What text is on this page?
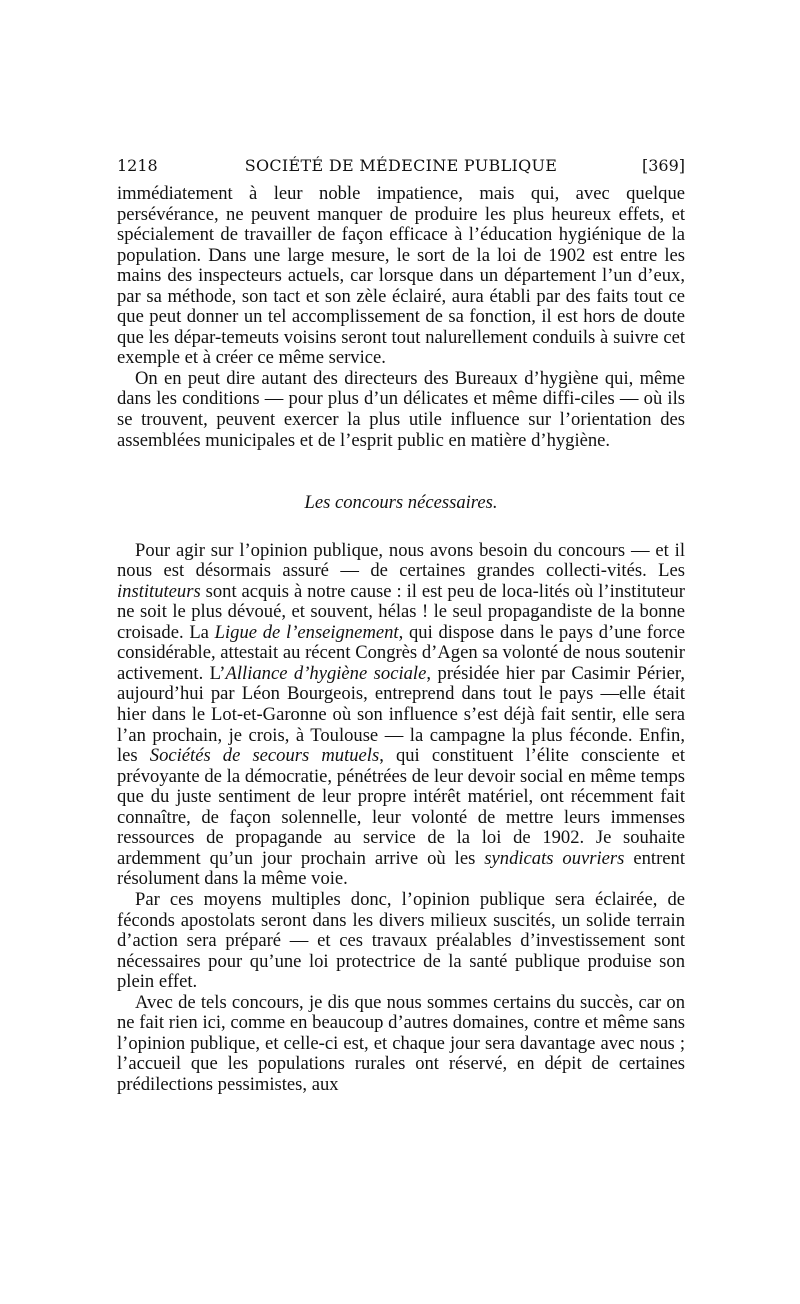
1218	SOCIÉTÉ DE MÉDECINE PUBLIQUE	[369]

immédiatement à leur noble impatience, mais qui, avec quelque persévérance, ne peuvent manquer de produire les plus heureux effets, et spécialement de travailler de façon efficace à l’éducation hygiénique de la population. Dans une large mesure, le sort de la loi de 1902 est entre les mains des inspecteurs actuels, car lorsque dans un département l’un d’eux, par sa méthode, son tact et son zèle éclairé, aura établi par des faits tout ce que peut donner un tel accomplissement de sa fonction, il est hors de doute que les dépar-temeuts voisins seront tout nalurellement conduils à suivre cet exemple et à créer ce même service.

On en peut dire autant des directeurs des Bureaux d’hygiène qui, même dans les conditions — pour plus d’un délicates et même diffi-ciles — où ils se trouvent, peuvent exercer la plus utile influence sur l’orientation des assemblées municipales et de l’esprit public en matière d’hygiène.

Les concours nécessaires.

Pour agir sur l’opinion publique, nous avons besoin du concours — et il nous est désormais assuré — de certaines grandes collecti-vités. Les instituteurs sont acquis à notre cause : il est peu de loca-lités où l’instituteur ne soit le plus dévoué, et souvent, hélas ! le seul propagandiste de la bonne croisade. La Ligue de l’enseignement, qui dispose dans le pays d’une force considérable, attestait au récent Congrès d’Agen sa volonté de nous soutenir activement. L’Alliance d’hygiène sociale, présidée hier par Casimir Périer, aujourd’hui par Léon Bourgeois, entreprend dans tout le pays —elle était hier dans le Lot-et-Garonne où son influence s’est déjà fait sentir, elle sera l’an prochain, je crois, à Toulouse — la campagne la plus féconde. Enfin, les Sociétés de secours mutuels, qui constituent l’élite consciente et prévoyante de la démocratie, pénétrées de leur devoir social en même temps que du juste sentiment de leur propre intérêt matériel, ont récemment fait connaître, de façon solennelle, leur volonté de mettre leurs immenses ressources de propagande au service de la loi de 1902. Je souhaite ardemment qu’un jour prochain arrive où les syndicats ouvriers entrent résolument dans la même voie.

Par ces moyens multiples donc, l’opinion publique sera éclairée, de féconds apostolats seront dans les divers milieux suscités, un solide terrain d’action sera préparé — et ces travaux préalables d’investissement sont nécessaires pour qu’une loi protectrice de la santé publique produise son plein effet.

Avec de tels concours, je dis que nous sommes certains du succès, car on ne fait rien ici, comme en beaucoup d’autres domaines, contre et même sans l’opinion publique, et celle-ci est, et chaque jour sera davantage avec nous ; l’accueil que les populations rurales ont réservé, en dépit de certaines prédilections pessimistes, aux
